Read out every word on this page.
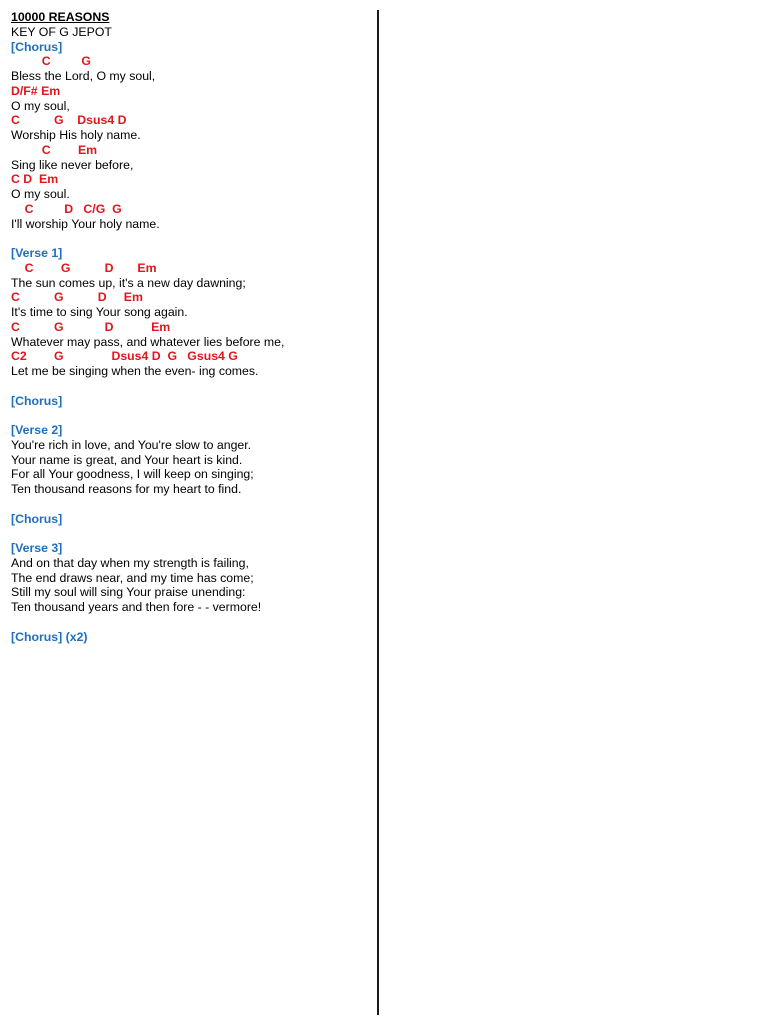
10000 REASONS
KEY OF G JEPOT
[Chorus]
C         G
Bless the Lord, O my soul,
D/F# Em
O my soul,
C          G    Dsus4 D
Worship His holy name.
C        Em
Sing like never before,
C D  Em
O my soul.
C         D   C/G  G
I'll worship Your holy name.
[Verse 1]
C        G          D       Em
The sun comes up, it's a new day dawning;
C          G          D     Em
It's time to sing Your song again.
C          G            D           Em
Whatever may pass, and whatever lies before me,
C2        G              Dsus4 D  G   Gsus4 G
Let me be singing when the even- ing comes.
[Chorus]
[Verse 2]
You're rich in love, and You're slow to anger.
Your name is great, and Your heart is kind.
For all Your goodness, I will keep on singing;
Ten thousand reasons for my heart to find.
[Chorus]
[Verse 3]
And on that day when my strength is failing,
The end draws near, and my time has come;
Still my soul will sing Your praise unending:
Ten thousand years and then fore - - vermore!
[Chorus] (x2)
